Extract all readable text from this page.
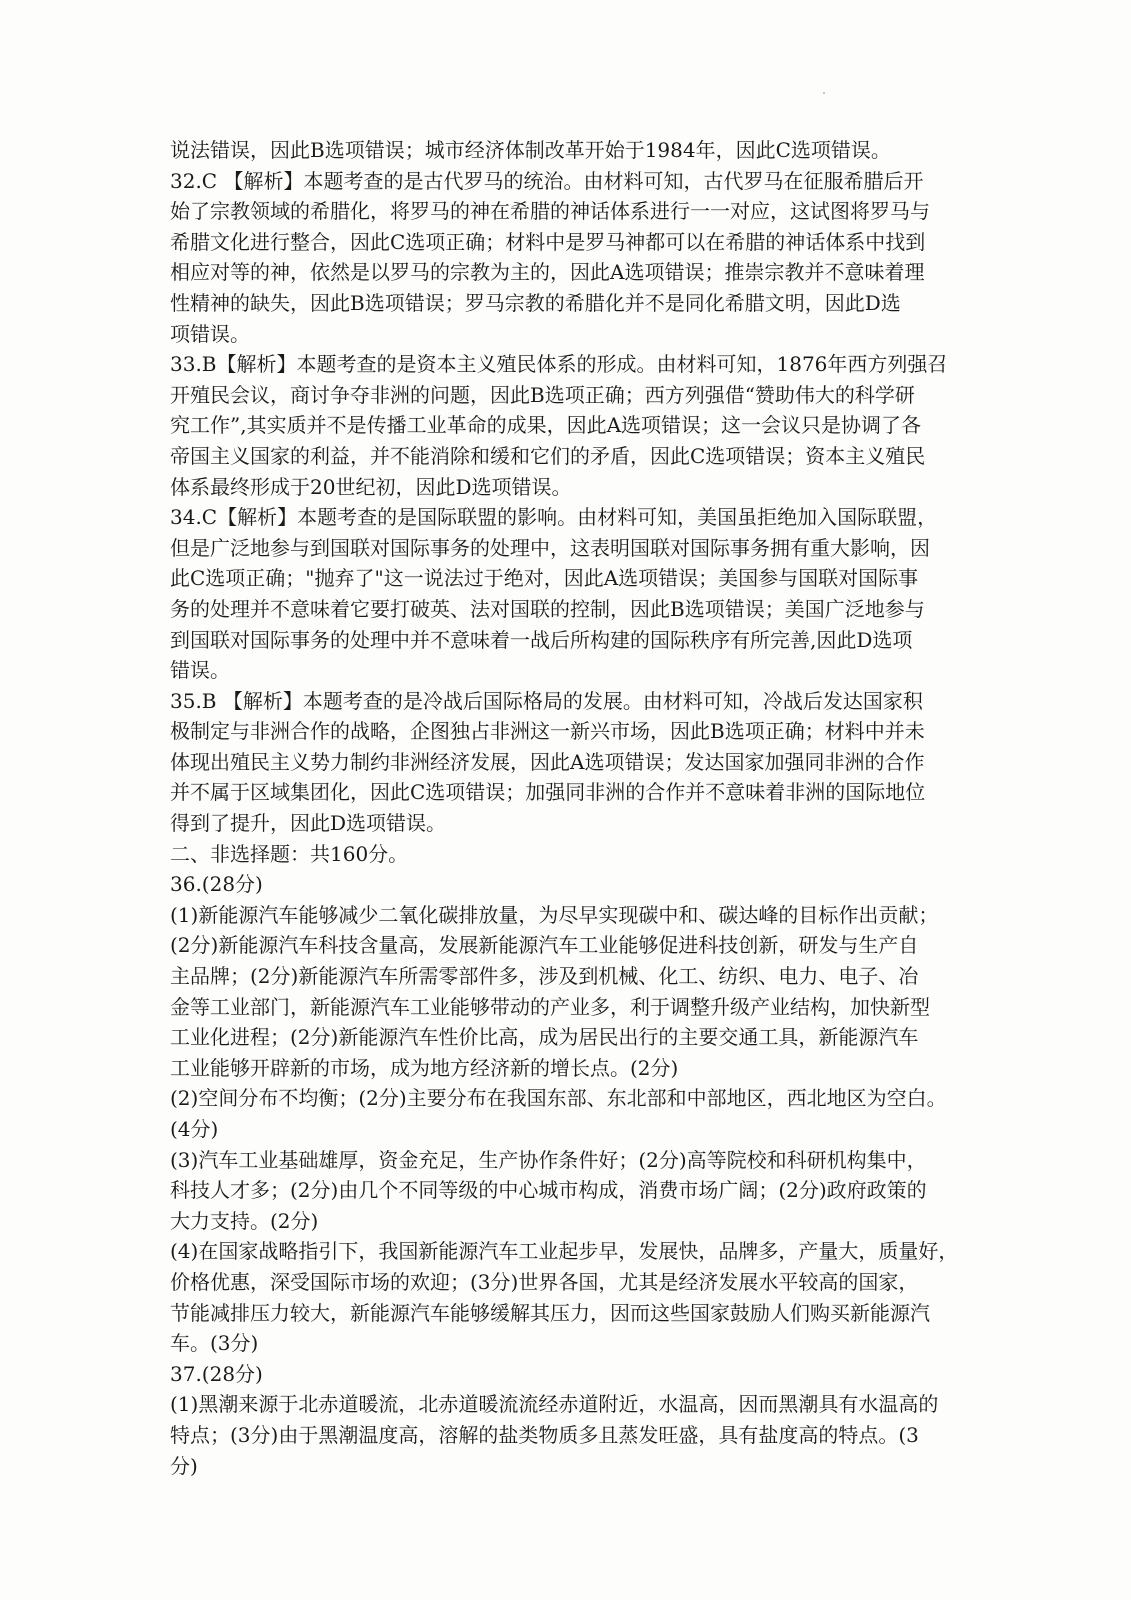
说法错误，因此B选项错误；城市经济体制改革开始于1984年，因此C选项错误。
32.C 【解析】本题考查的是古代罗马的统治。由材料可知，古代罗马在征服希腊后开
始了宗教领域的希腊化，将罗马的神在希腊的神话体系进行一一对应，这试图将罗马与
希腊文化进行整合，因此C选项正确；材料中是罗马神都可以在希腊的神话体系中找到
相应对等的神，依然是以罗马的宗教为主的，因此A选项错误；推崇宗教并不意味着理
性精神的缺失，因此B选项错误；罗马宗教的希腊化并不是同化希腊文明，因此D选
项错误。
33.B【解析】本题考查的是资本主义殖民体系的形成。由材料可知，1876年西方列强召
开殖民会议，商讨争夺非洲的问题，因此B选项正确；西方列强借“赞助伟大的科学研
究工作”,其实质并不是传播工业革命的成果，因此A选项错误；这一会议只是协调了各
帝国主义国家的利益，并不能消除和缓和它们的矛盾，因此C选项错误；资本主义殖民
体系最终形成于20世纪初，因此D选项错误。
34.C【解析】本题考查的是国际联盟的影响。由材料可知，美国虽拒绝加入国际联盟，
但是广泛地参与到国联对国际事务的处理中，这表明国联对国际事务拥有重大影响，因
此C选项正确；"抛弃了"这一说法过于绝对，因此A选项错误；美国参与国联对国际事
务的处理并不意味着它要打破英、法对国联的控制，因此B选项错误；美国广泛地参与
到国联对国际事务的处理中并不意味着一战后所构建的国际秩序有所完善,因此D选项
错误。
35.B 【解析】本题考查的是冷战后国际格局的发展。由材料可知，冷战后发达国家积
极制定与非洲合作的战略，企图独占非洲这一新兴市场，因此B选项正确；材料中并未
体现出殖民主义势力制约非洲经济发展，因此A选项错误；发达国家加强同非洲的合作
并不属于区域集团化，因此C选项错误；加强同非洲的合作并不意味着非洲的国际地位
得到了提升，因此D选项错误。
二、非选择题：共160分。
36.(28分)
(1)新能源汽车能够减少二氧化碳排放量，为尽早实现碳中和、碳达峰的目标作出贡献；
(2分)新能源汽车科技含量高，发展新能源汽车工业能够促进科技创新，研发与生产自
主品牌；(2分)新能源汽车所需零部件多，涉及到机械、化工、纺织、电力、电子、冶
金等工业部门，新能源汽车工业能够带动的产业多，利于调整升级产业结构，加快新型
工业化进程；(2分)新能源汽车性价比高，成为居民出行的主要交通工具，新能源汽车
工业能够开辟新的市场，成为地方经济新的增长点。(2分)
(2)空间分布不均衡；(2分)主要分布在我国东部、东北部和中部地区，西北地区为空白。
(4分)
(3)汽车工业基础雄厚，资金充足，生产协作条件好；(2分)高等院校和科研机构集中，
科技人才多；(2分)由几个不同等级的中心城市构成，消费市场广阔；(2分)政府政策的
大力支持。(2分)
(4)在国家战略指引下，我国新能源汽车工业起步早，发展快，品牌多，产量大，质量好，
价格优惠，深受国际市场的欢迎；(3分)世界各国，尤其是经济发展水平较高的国家，
节能减排压力较大，新能源汽车能够缓解其压力，因而这些国家鼓励人们购买新能源汽
车。(3分)
37.(28分)
(1)黑潮来源于北赤道暖流，北赤道暖流流经赤道附近，水温高，因而黑潮具有水温高的
特点；(3分)由于黑潮温度高，溶解的盐类物质多且蒸发旺盛，具有盐度高的特点。(3
分)
